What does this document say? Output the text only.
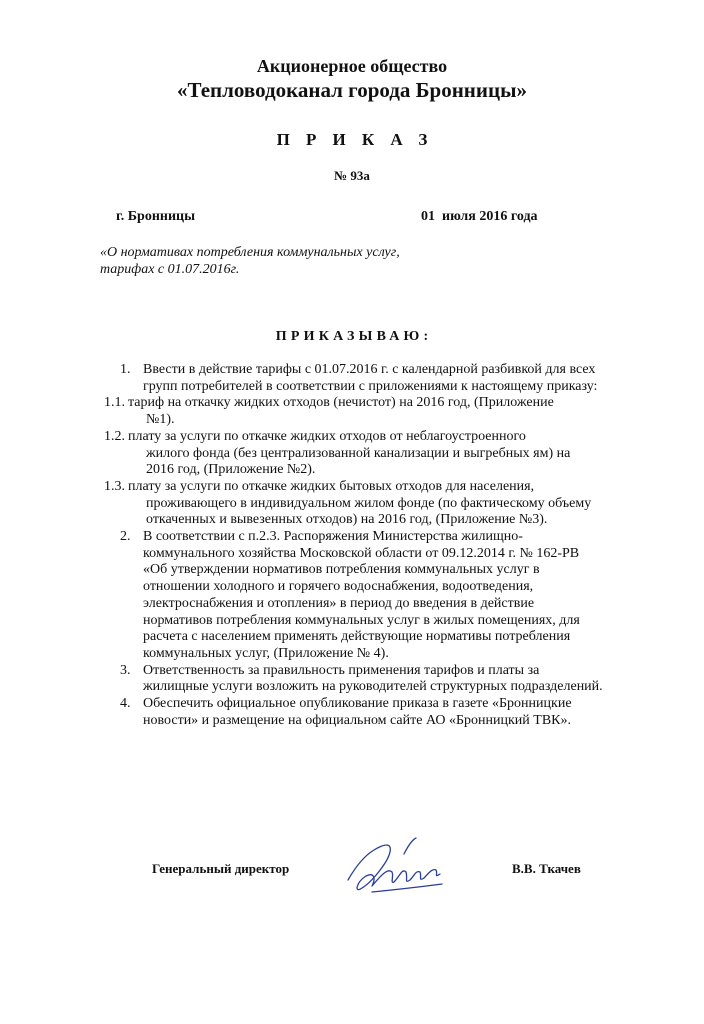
Акционерное общество
«Тепловодоканал города Бронницы»
ПРИКАЗ
№ 93а
г. Бронницы	01  июля 2016 года
«О нормативах потребления коммунальных услуг,
тарифах с 01.07.2016г.
ПРИКАЗЫВАЮ:
1. Ввести в действие тарифы с 01.07.2016 г. с календарной разбивкой для всех групп потребителей в соответствии с приложениями к настоящему приказу:
1.1. тариф на откачку жидких отходов (нечистот) на 2016 год, (Приложение
№1).
1.2. плату за услуги по откачке жидких отходов от неблагоустроенного
жилого фонда (без централизованной канализации и выгребных ям) на 2016 год, (Приложение №2).
1.3. плату за услуги по откачке жидких бытовых отходов для населения,
проживающего в индивидуальном жилом фонде (по фактическому объему откаченных и вывезенных отходов) на 2016 год, (Приложение №3).
2. В соответствии с п.2.3. Распоряжения Министерства жилищно-коммунального хозяйства Московской области от 09.12.2014 г. № 162-РВ «Об утверждении нормативов потребления коммунальных услуг в отношении холодного и горячего водоснабжения, водоотведения, электроснабжения и отопления» в период до введения в действие нормативов потребления коммунальных услуг в жилых помещениях, для расчета с населением применять действующие нормативы потребления коммунальных услуг, (Приложение № 4).
3. Ответственность за правильность применения тарифов и платы за жилищные услуги возложить на руководителей структурных подразделений.
4. Обеспечить официальное опубликование приказа в газете «Бронницкие новости» и размещение на официальном сайте АО «Бронницкий ТВК».
Генеральный директор	В.В. Ткачев
